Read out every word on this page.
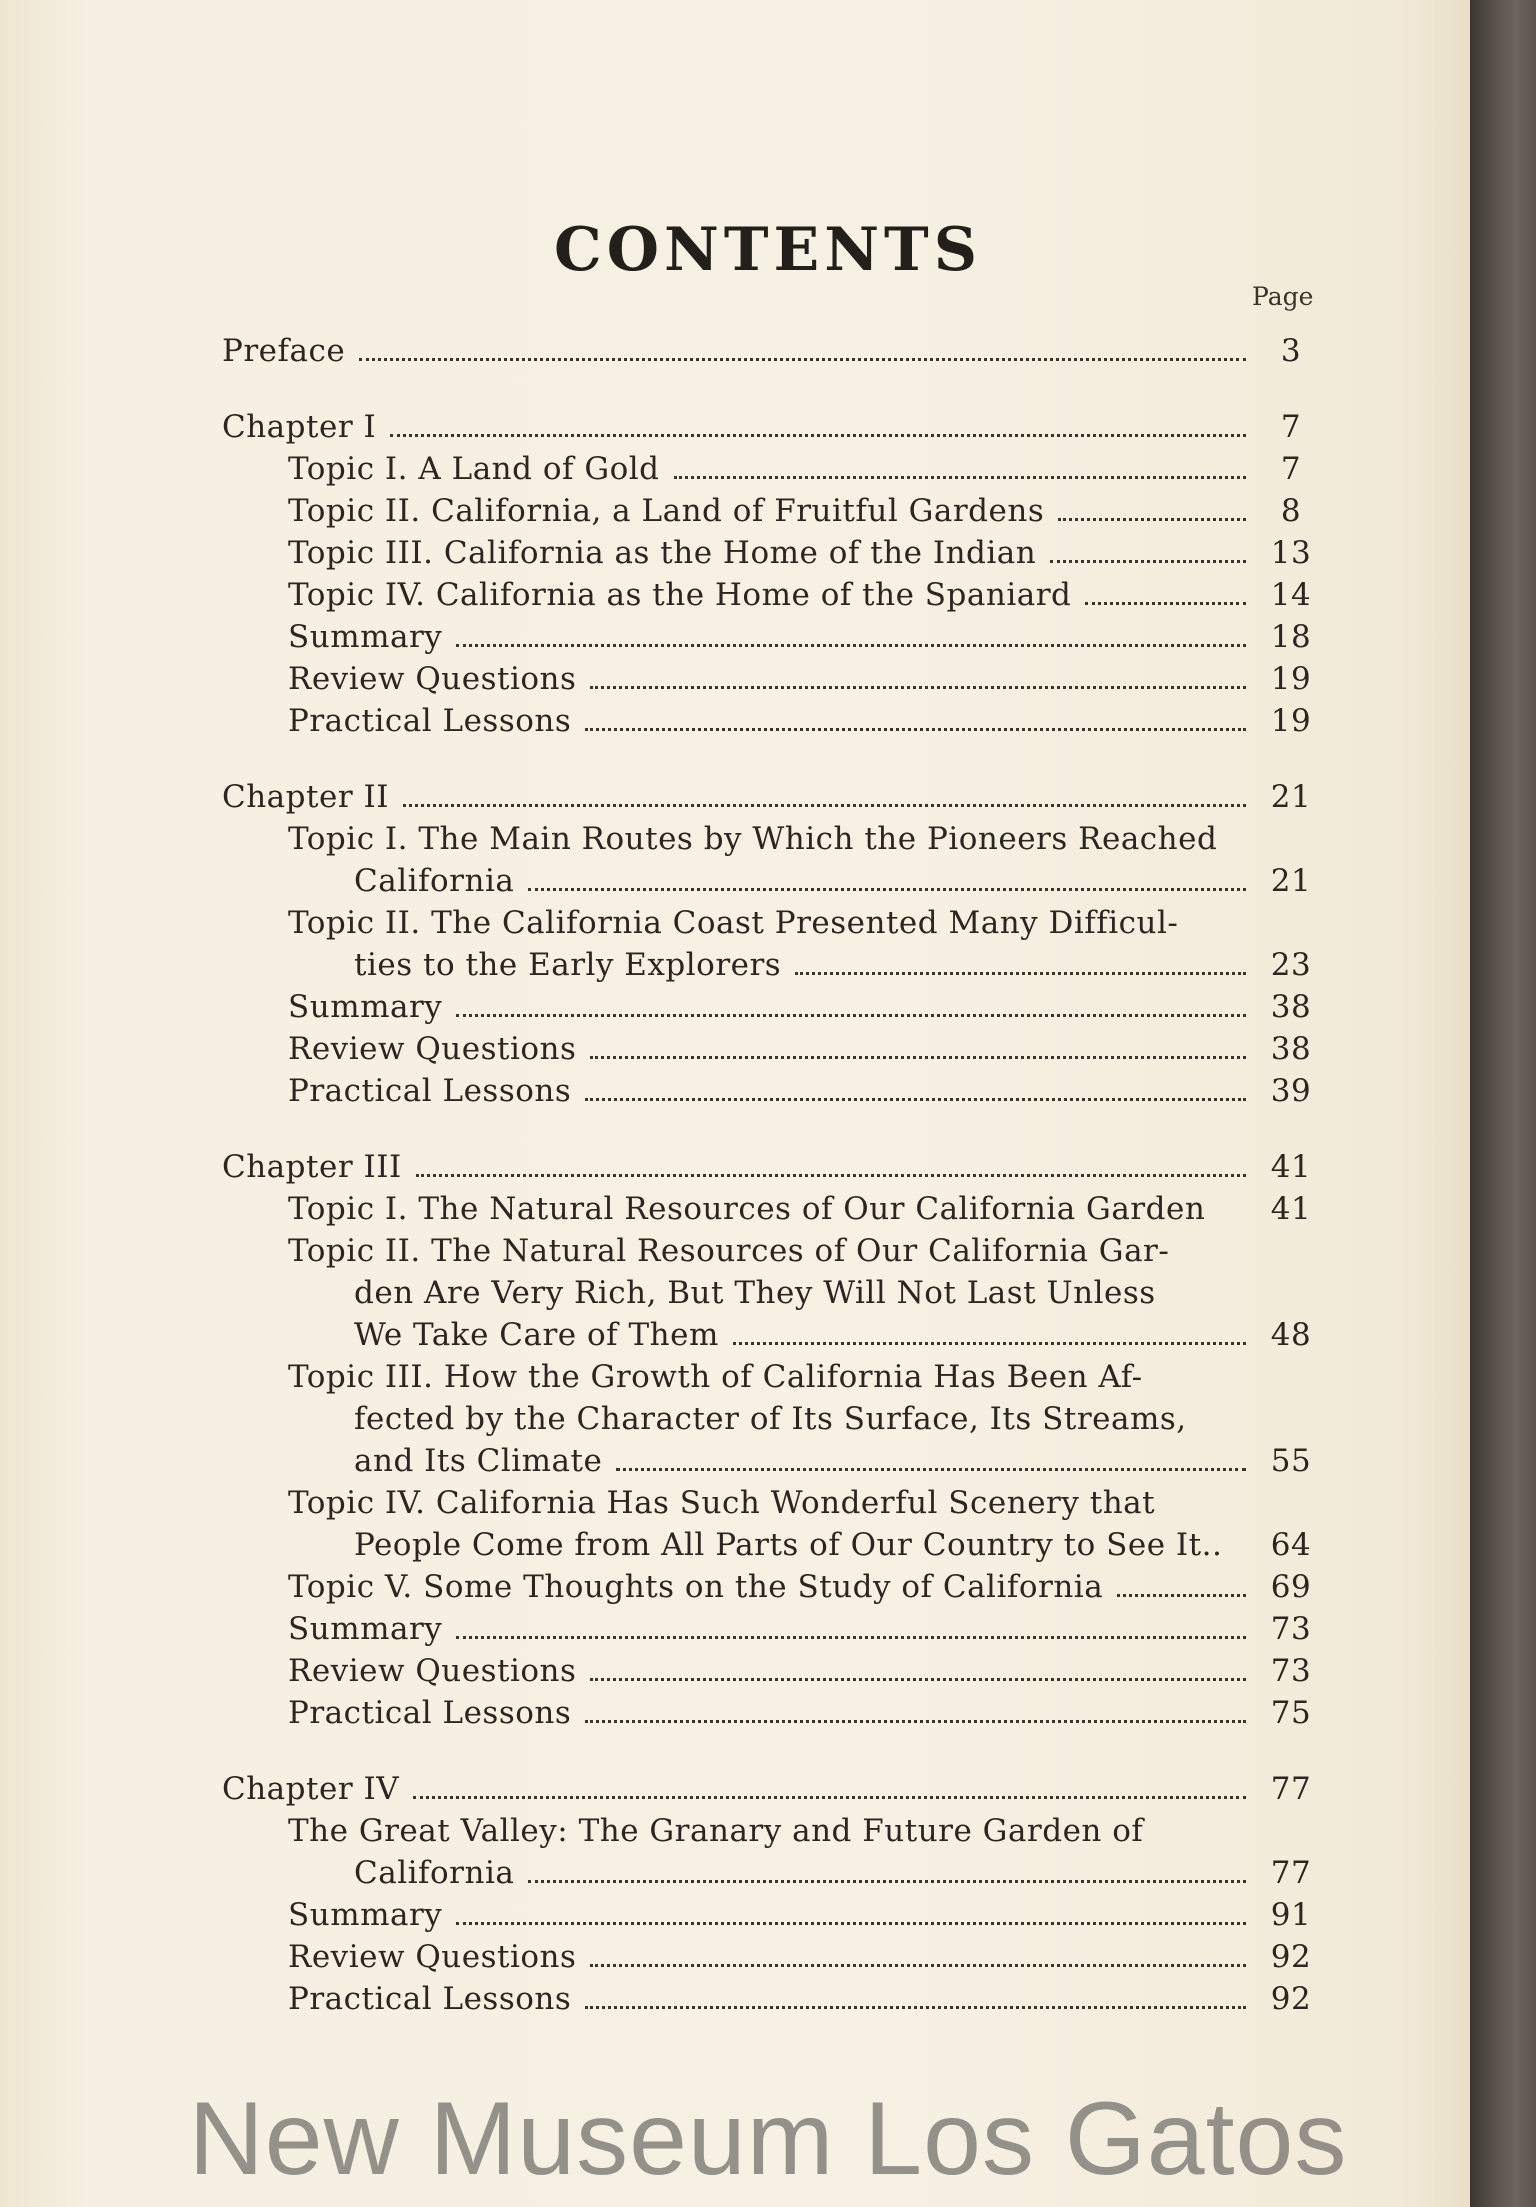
CONTENTS
Page
Preface	3
Chapter I	7
Topic I. A Land of Gold	7
Topic II. California, a Land of Fruitful Gardens	8
Topic III. California as the Home of the Indian	13
Topic IV. California as the Home of the Spaniard	14
Summary	18
Review Questions	19
Practical Lessons	19
Chapter II	21
Topic I. The Main Routes by Which the Pioneers Reached
California	21
Topic II. The California Coast Presented Many Difficul-
ties to the Early Explorers	23
Summary	38
Review Questions	38
Practical Lessons	39
Chapter III	41
Topic I. The Natural Resources of Our California Garden	41
Topic II. The Natural Resources of Our California Gar-
den Are Very Rich, But They Will Not Last Unless
We Take Care of Them	48
Topic III. How the Growth of California Has Been Af-
fected by the Character of Its Surface, Its Streams,
and Its Climate	55
Topic IV. California Has Such Wonderful Scenery that
People Come from All Parts of Our Country to See It..	64
Topic V. Some Thoughts on the Study of California	69
Summary	73
Review Questions	73
Practical Lessons	75
Chapter IV	77
The Great Valley: The Granary and Future Garden of
California	77
Summary	91
Review Questions	92
Practical Lessons	92
New Museum Los Gatos
